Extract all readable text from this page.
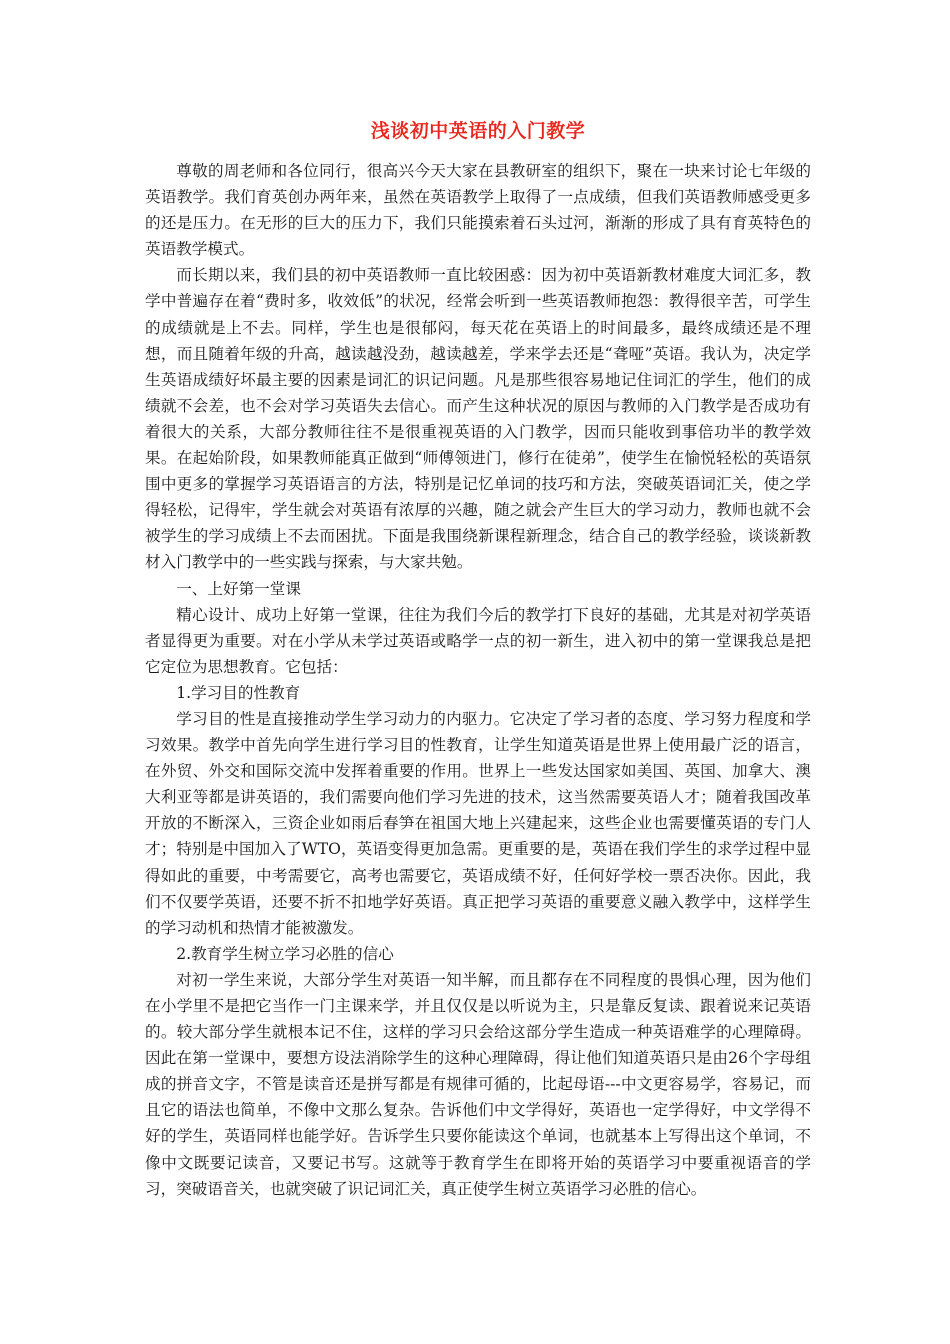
浅谈初中英语的入门教学

尊敬的周老师和各位同行，很高兴今天大家在县教研室的组织下，聚在一块来讨论七年级的英语教学。我们育英创办两年来，虽然在英语教学上取得了一点成绩，但我们英语教师感受更多的还是压力。在无形的巨大的压力下，我们只能摸索着石头过河，渐渐的形成了具有育英特色的英语教学模式。

而长期以来，我们县的初中英语教师一直比较困惑：因为初中英语新教材难度大词汇多，教学中普遍存在着“费时多，收效低”的状况，经常会听到一些英语教师抱怨：教得很辛苦，可学生的成绩就是上不去。同样，学生也是很郁闷，每天花在英语上的时间最多，最终成绩还是不理想，而且随着年级的升高，越读越没劲，越读越差，学来学去还是“聋哑”英语。我认为，决定学生英语成绩好坏最主要的因素是词汇的识记问题。凡是那些很容易地记住词汇的学生，他们的成绩就不会差，也不会对学习英语失去信心。而产生这种状况的原因与教师的入门教学是否成功有着很大的关系，大部分教师往往不是很重视英语的入门教学，因而只能收到事倍功半的教学效果。在起始阶段，如果教师能真正做到“师傅领进门，修行在徒弟”，使学生在愉悦轻松的英语氛围中更多的掌握学习英语语言的方法，特别是记忆单词的技巧和方法，突破英语词汇关，使之学得轻松，记得牢，学生就会对英语有浓厚的兴趣，随之就会产生巨大的学习动力，教师也就不会被学生的学习成绩上不去而困扰。下面是我围绕新课程新理念，结合自己的教学经验，谈谈新教材入门教学中的一些实践与探索，与大家共勉。

一、上好第一堂课

精心设计、成功上好第一堂课，往往为我们今后的教学打下良好的基础，尤其是对初学英语者显得更为重要。对在小学从未学过英语或略学一点的初一新生，进入初中的第一堂课我总是把它定位为思想教育。它包括：

1.学习目的性教育

学习目的性是直接推动学生学习动力的内驱力。它决定了学习者的态度、学习努力程度和学习效果。教学中首先向学生进行学习目的性教育，让学生知道英语是世界上使用最广泛的语言，在外贸、外交和国际交流中发挥着重要的作用。世界上一些发达国家如美国、英国、加拿大、澳大利亚等都是讲英语的，我们需要向他们学习先进的技术，这当然需要英语人才；随着我国改革开放的不断深入，三资企业如雨后春笋在祖国大地上兴建起来，这些企业也需要懂英语的专门人才；特别是中国加入了WTO，英语变得更加急需。更重要的是，英语在我们学生的求学过程中显得如此的重要，中考需要它，高考也需要它，英语成绩不好，任何好学校一票否决你。因此，我们不仅要学英语，还要不折不扣地学好英语。真正把学习英语的重要意义融入教学中，这样学生的学习动机和热情才能被激发。

2.教育学生树立学习必胜的信心

对初一学生来说，大部分学生对英语一知半解，而且都存在不同程度的畏惧心理，因为他们在小学里不是把它当作一门主课来学，并且仅仅是以听说为主，只是靠反复读、跟着说来记英语的。较大部分学生就根本记不住，这样的学习只会给这部分学生造成一种英语难学的心理障碍。因此在第一堂课中，要想方设法消除学生的这种心理障碍，得让他们知道英语只是由26个字母组成的拼音文字，不管是读音还是拼写都是有规律可循的，比起母语---中文更容易学，容易记，而且它的语法也简单，不像中文那么复杂。告诉他们中文学得好，英语也一定学得好，中文学得不好的学生，英语同样也能学好。告诉学生只要你能读这个单词，也就基本上写得出这个单词，不像中文既要记读音，又要记书写。这就等于教育学生在即将开始的英语学习中要重视语音的学习，突破语音关，也就突破了识记词汇关，真正使学生树立英语学习必胜的信心。
